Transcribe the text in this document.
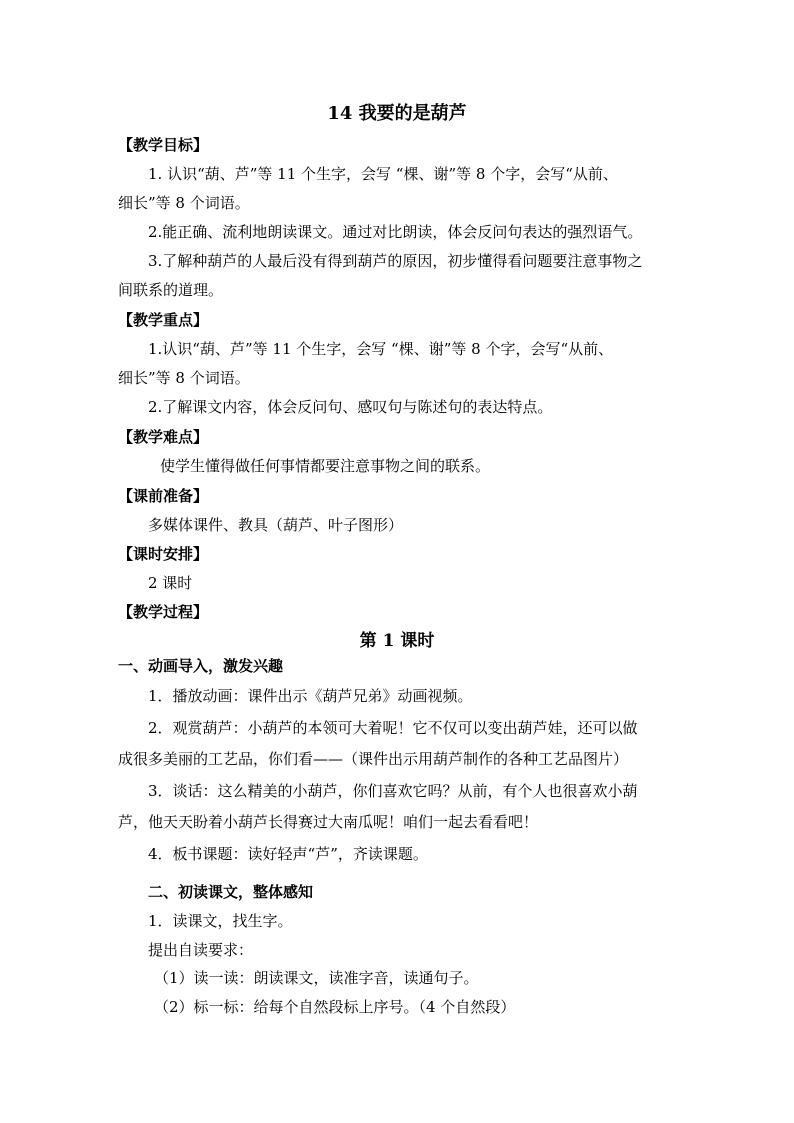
14 我要的是葫芦
【教学目标】
1. 认识“葫、芦”等 11 个生字，会写 “棵、谢”等 8 个字，会写“从前、
细长”等 8 个词语。
2.能正确、流利地朗读课文。通过对比朗读，体会反问句表达的强烈语气。
3.了解种葫芦的人最后没有得到葫芦的原因，初步懂得看问题要注意事物之
间联系的道理。
【教学重点】
1.认识“葫、芦”等 11 个生字，会写 “棵、谢”等 8 个字，会写“从前、
细长”等 8 个词语。
2.了解课文内容，体会反问句、感叹句与陈述句的表达特点。
【教学难点】
使学生懂得做任何事情都要注意事物之间的联系。
【课前准备】
多媒体课件、教具（葫芦、叶子图形）
【课时安排】
2 课时
【教学过程】
第 1 课时
一、动画导入，激发兴趣
1．播放动画：课件出示《葫芦兄弟》动画视频。
2．观赏葫芦：小葫芦的本领可大着呢！它不仅可以变出葫芦娃，还可以做
成很多美丽的工艺品，你们看——（课件出示用葫芦制作的各种工艺品图片）
3．谈话：这么精美的小葫芦，你们喜欢它吗？从前，有个人也很喜欢小葫
芦，他天天盼着小葫芦长得赛过大南瓜呢！咱们一起去看看吧！
4．板书课题：读好轻声“芦”，齐读课题。
二、初读课文，整体感知
1．读课文，找生字。
提出自读要求：
（1）读一读：朗读课文，读准字音，读通句子。
（2）标一标：给每个自然段标上序号。（4 个自然段）
